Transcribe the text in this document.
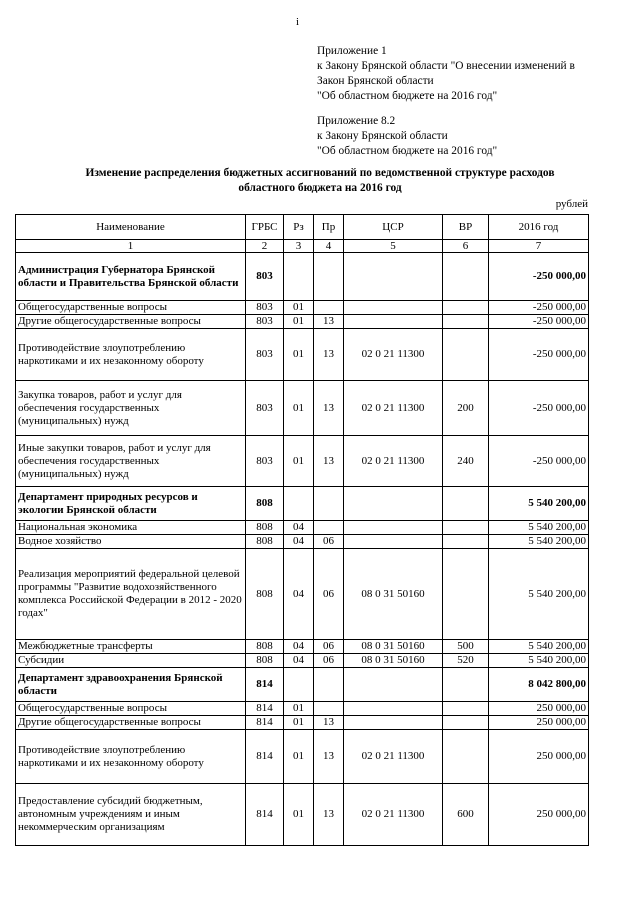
i
Приложение 1
к Закону Брянской области "О внесении изменений в
Закон Брянской области
"Об областном бюджете на 2016 год"
Приложение 8.2
к Закону Брянской области
"Об областном бюджете на 2016 год"
Изменение распределения бюджетных ассигнований по ведомственной структуре расходов
областного бюджета на 2016 год
рублей
Наименование	ГРБС	Рз	Пр	ЦСР	ВР	2016 год
1	2	3	4	5	6	7
Администрация Губернатора Брянской области и Правительства Брянской области	803					-250 000,00
Общегосударственные вопросы	803	01				-250 000,00
Другие общегосударственные вопросы	803	01	13			-250 000,00
Противодействие злоупотреблению наркотиками и их незаконному обороту	803	01	13	02 0 21 11300		-250 000,00
Закупка товаров, работ и услуг для обеспечения государственных (муниципальных) нужд	803	01	13	02 0 21 11300	200	-250 000,00
Иные закупки товаров, работ и услуг для обеспечения государственных (муниципальных) нужд	803	01	13	02 0 21 11300	240	-250 000,00
Департамент природных ресурсов и экологии Брянской области	808					5 540 200,00
Национальная экономика	808	04				5 540 200,00
Водное хозяйство	808	04	06			5 540 200,00
Реализация мероприятий федеральной целевой программы "Развитие водохозяйственного комплекса Российской Федерации в 2012 - 2020 годах"	808	04	06	08 0 31 50160		5 540 200,00
Межбюджетные трансферты	808	04	06	08 0 31 50160	500	5 540 200,00
Субсидии	808	04	06	08 0 31 50160	520	5 540 200,00
Департамент здравоохранения Брянской области	814					8 042 800,00
Общегосударственные вопросы	814	01				250 000,00
Другие общегосударственные вопросы	814	01	13			250 000,00
Противодействие злоупотреблению наркотиками и их незаконному обороту	814	01	13	02 0 21 11300		250 000,00
Предоставление субсидий бюджетным, автономным учреждениям и иным некоммерческим организациям	814	01	13	02 0 21 11300	600	250 000,00
